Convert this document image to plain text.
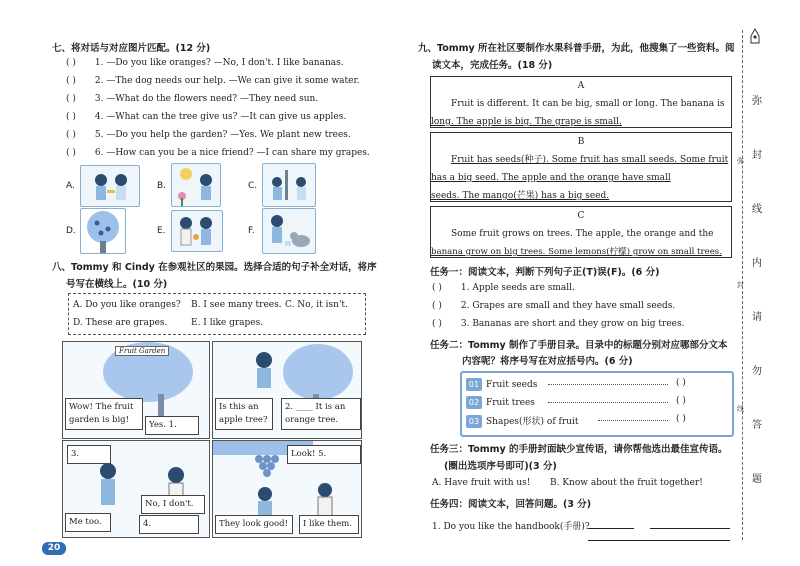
七、将对话与对应图片匹配。(12 分)
( ) 1. —Do you like oranges? —No, I don't. I like bananas.
( ) 2. —The dog needs our help. —We can give it some water.
( ) 3. —What do the flowers need? —They need sun.
( ) 4. —What can the tree give us? —It can give us apples.
( ) 5. —Do you help the garden? —Yes. We plant new trees.
( ) 6. —How can you be a nice friend? —I can share my grapes.
A.	B.	C.
D.	E.	F.
八、Tommy 和 Cindy 在参观社区的果园。选择合适的句子补全对话，将序
号写在横线上。(10 分)
A. Do you like oranges? B. I see many trees. C. No, it isn't.
D. These are grapes.	E. I like grapes.
Fruit Garden
Wow! The fruit garden is big!
Yes. 1.
Is this an apple tree?
2. ____ It is an orange tree.
3.
No, I don't.
Me too.	4.
Look! 5.
They look good!	I like them.
20
九、Tommy 所在社区要制作水果科普手册，为此，他搜集了一些资料。阅
读文本，完成任务。(18 分)
A
Fruit is different. It can be big, small or long. The banana is
long. The apple is big. The grape is small.
B
Fruit has seeds(种子). Some fruit has small seeds. Some fruit
has a big seed. The apple and the orange have small
seeds. The mango(芒果) has a big seed.
C
Some fruit grows on trees. The apple, the orange and the
banana grow on big trees. Some lemons(柠檬) grow on small trees.
任务一：阅读文本，判断下列句子正(T)误(F)。(6 分)
( ) 1. Apple seeds are small.
( ) 2. Grapes are small and they have small seeds.
( ) 3. Bananas are short and they grow on big trees.
任务二：Tommy 制作了手册目录。目录中的标题分别对应哪部分文本
内容呢？将序号写在对应括号内。(6 分)
01 Fruit seeds	( )
02 Fruit trees	( )
03 Shapes(形状) of fruit	( )
任务三：Tommy 的手册封面缺少宣传语，请你帮他选出最佳宣传语。
(圈出选项序号即可)(3 分)
A. Have fruit with us! B. Know about the fruit together!
任务四：阅读文本，回答问题。(3 分)
1. Do you like the handbook(手册)?
弥
封
线
内
请
勿
答
题
弥
封
线
